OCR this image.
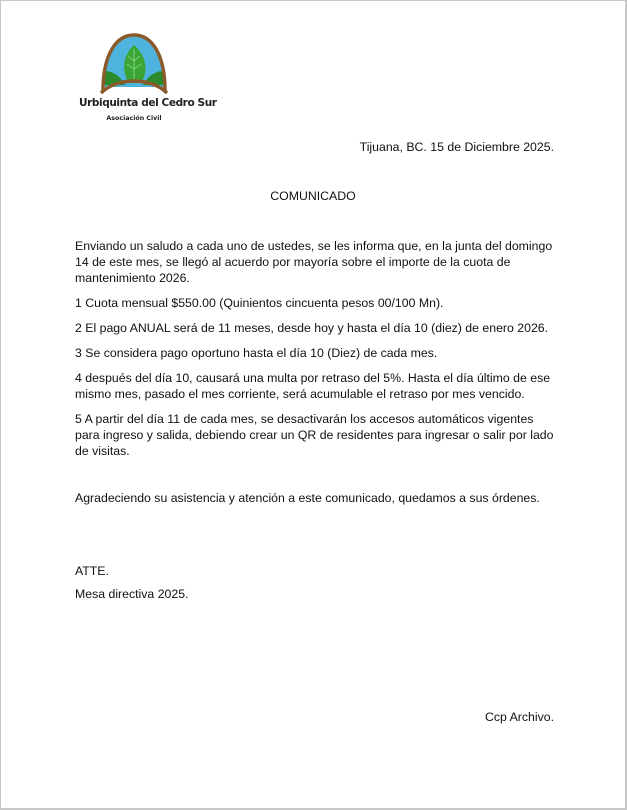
Urbiquinta del Cedro Sur
Asociación Civil
Tijuana, BC. 15 de Diciembre 2025.
COMUNICADO

Enviando un saludo a cada uno de ustedes, se les informa que, en la junta del domingo 14 de este mes, se llegó al acuerdo por mayoría sobre el importe de la cuota de mantenimiento 2026.

1 Cuota mensual $550.00 (Quinientos cincuenta pesos 00/100 Mn).

2 El pago ANUAL será de 11 meses, desde hoy y hasta el día 10 (diez) de enero 2026.

3 Se considera pago oportuno hasta el día 10 (Diez) de cada mes.

4 después del día 10, causará una multa por retraso del 5%. Hasta el día último de ese mismo mes, pasado el mes corriente, será acumulable el retraso por mes vencido.

5 A partir del día 11 de cada mes, se desactivarán los accesos automáticos vigentes para ingreso y salida, debiendo crear un QR de residentes para ingresar o salir por lado de visitas.

Agradeciendo su asistencia y atención a este comunicado, quedamos a sus órdenes.
ATTE.
Mesa directiva 2025.
Ccp Archivo.
